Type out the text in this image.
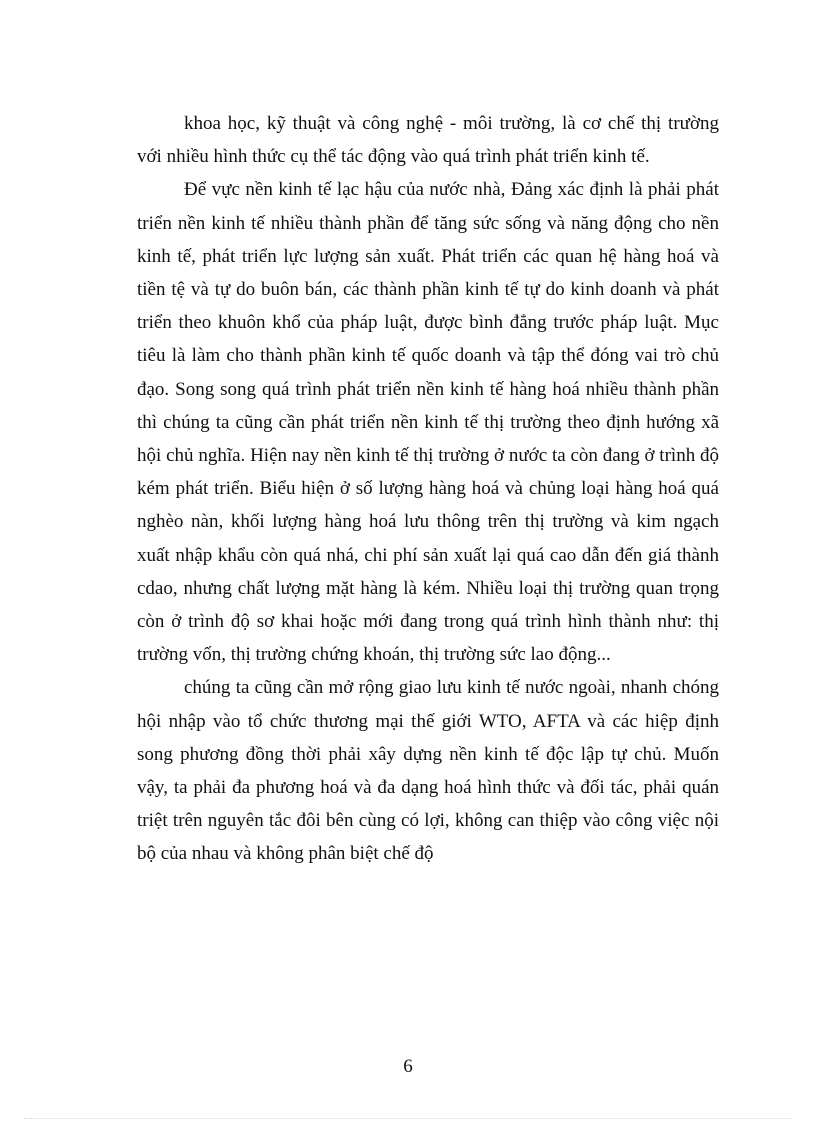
khoa học, kỹ thuật và công nghệ - môi trường, là cơ chế thị trường với nhiều hình thức cụ thể tác động vào quá trình phát triển kinh tế.

Để vực nền kinh tế lạc hậu của nước nhà, Đảng xác định là phải phát triển nền kinh tế nhiều thành phần để tăng sức sống và năng động cho nền kinh tế, phát triển lực lượng sản xuất. Phát triển các quan hệ hàng hoá và tiền tệ và tự do buôn bán, các thành phần kinh tế tự do kinh doanh và phát triển theo khuôn khổ của pháp luật, được bình đẳng trước pháp luật. Mục tiêu là làm cho thành phần kinh tế quốc doanh và tập thể đóng vai trò chủ đạo. Song song quá trình phát triển nền kinh tế hàng hoá nhiều thành phần thì chúng ta cũng cần phát triển nền kinh tế thị trường theo định hướng xã hội chủ nghĩa. Hiện nay nền kinh tế thị trường ở nước ta còn đang ở trình độ kém phát triển. Biểu hiện ở số lượng hàng hoá và chủng loại hàng hoá quá nghèo nàn, khối lượng hàng hoá lưu thông trên thị trường và kim ngạch xuất nhập khẩu còn quá nhá, chi phí sản xuất lại quá cao dẫn đến giá thành cdao, nhưng chất lượng mặt hàng là kém. Nhiều loại thị trường quan trọng còn ở trình độ sơ khai hoặc mới đang trong quá trình hình thành như: thị trường vốn, thị trường chứng khoán, thị trường sức lao động...

chúng ta cũng cần mở rộng giao lưu kinh tế nước ngoài, nhanh chóng hội nhập vào tổ chức thương mại thế giới WTO, AFTA và các hiệp định song phương đồng thời phải xây dựng nền kinh tế độc lập tự chủ. Muốn vậy, ta phải đa phương hoá và đa dạng hoá hình thức và đối tác, phải quán triệt trên nguyên tắc đôi bên cùng có lợi, không can thiệp vào công việc nội bộ của nhau và không phân biệt chế độ

6
